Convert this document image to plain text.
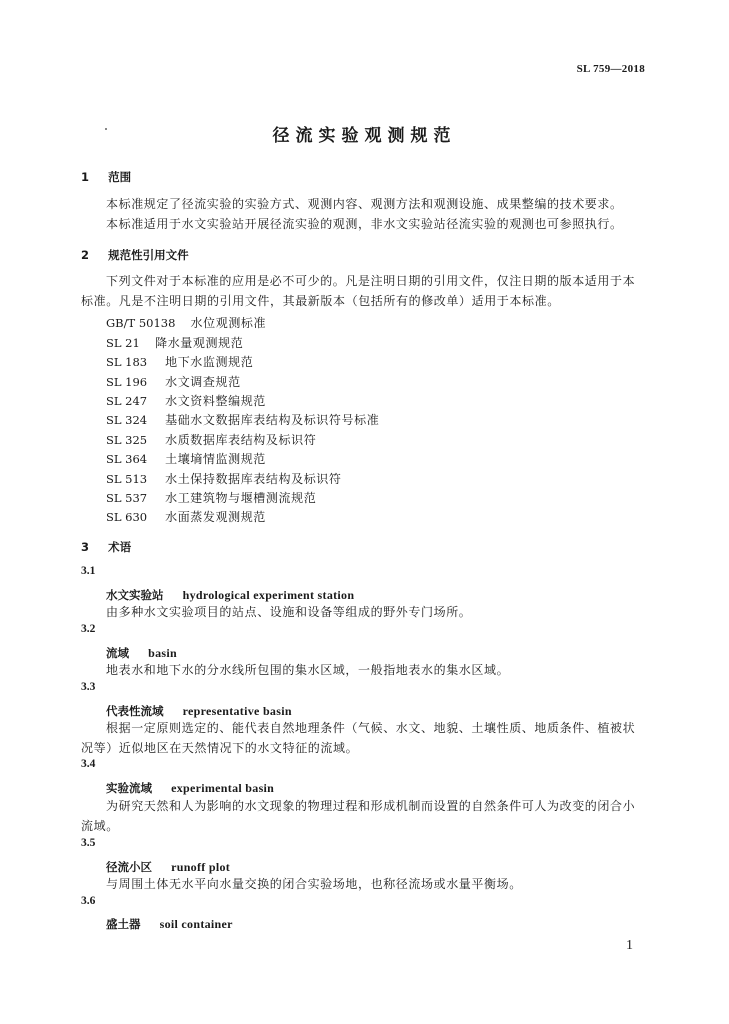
SL 759—2018
径流实验观测规范
1 范围
本标准规定了径流实验的实验方式、观测内容、观测方法和观测设施、成果整编的技术要求。
本标准适用于水文实验站开展径流实验的观测，非水文实验站径流实验的观测也可参照执行。
2 规范性引用文件
下列文件对于本标准的应用是必不可少的。凡是注明日期的引用文件，仅注日期的版本适用于本
标准。凡是不注明日期的引用文件，其最新版本（包括所有的修改单）适用于本标准。
GB/T 50138 水位观测标准
SL 21 降水量观测规范
SL 183 地下水监测规范
SL 196 水文调查规范
SL 247 水文资料整编规范
SL 324 基础水文数据库表结构及标识符号标准
SL 325 水质数据库表结构及标识符
SL 364 土壤墒情监测规范
SL 513 水土保持数据库表结构及标识符
SL 537 水工建筑物与堰槽测流规范
SL 630 水面蒸发观测规范
3 术语
3.1
水文实验站 hydrological experiment station
由多种水文实验项目的站点、设施和设备等组成的野外专门场所。
3.2
流域 basin
地表水和地下水的分水线所包围的集水区域，一般指地表水的集水区域。
3.3
代表性流域 representative basin
根据一定原则选定的、能代表自然地理条件（气候、水文、地貌、土壤性质、地质条件、植被状
况等）近似地区在天然情况下的水文特征的流域。
3.4
实验流域 experimental basin
为研究天然和人为影响的水文现象的物理过程和形成机制而设置的自然条件可人为改变的闭合小
流域。
3.5
径流小区 runoff plot
与周围土体无水平向水量交换的闭合实验场地，也称径流场或水量平衡场。
3.6
盛土器 soil container
1
